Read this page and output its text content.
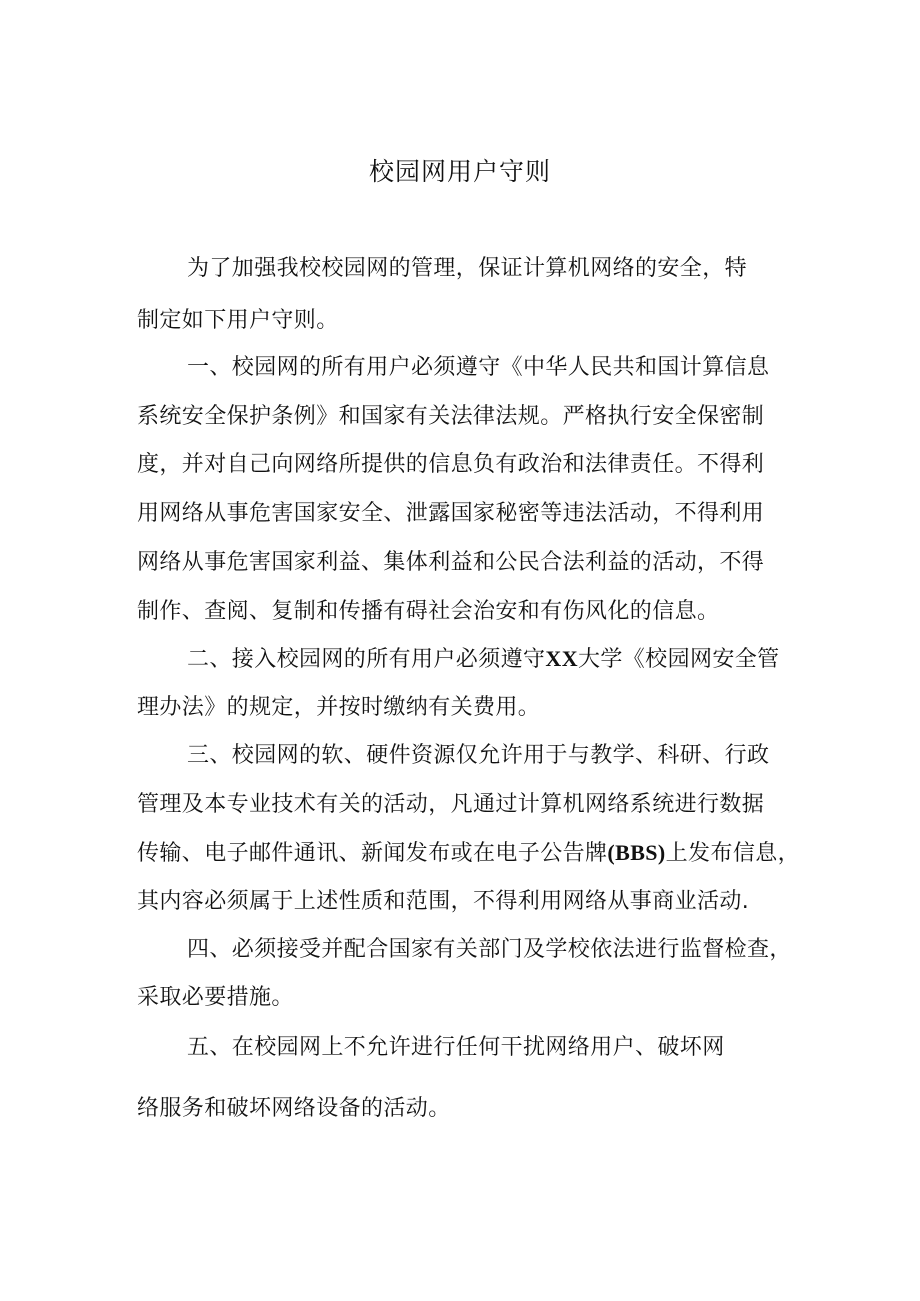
校园网用户守则
为了加强我校校园网的管理，保证计算机网络的安全，特
制定如下用户守则。
一、校园网的所有用户必须遵守《中华人民共和国计算信息
系统安全保护条例》和国家有关法律法规。严格执行安全保密制
度，并对自己向网络所提供的信息负有政治和法律责任。不得利
用网络从事危害国家安全、泄露国家秘密等违法活动，不得利用
网络从事危害国家利益、集体利益和公民合法利益的活动，不得
制作、查阅、复制和传播有碍社会治安和有伤风化的信息。
二、接入校园网的所有用户必须遵守XX大学《校园网安全管
理办法》的规定，并按时缴纳有关费用。
三、校园网的软、硬件资源仅允许用于与教学、科研、行政
管理及本专业技术有关的活动，凡通过计算机网络系统进行数据
传输、电子邮件通讯、新闻发布或在电子公告牌(BBS)上发布信息，
其内容必须属于上述性质和范围，不得利用网络从事商业活动.
四、必须接受并配合国家有关部门及学校依法进行监督检查，
采取必要措施。
五、在校园网上不允许进行任何干扰网络用户、破坏网
络服务和破坏网络设备的活动。
